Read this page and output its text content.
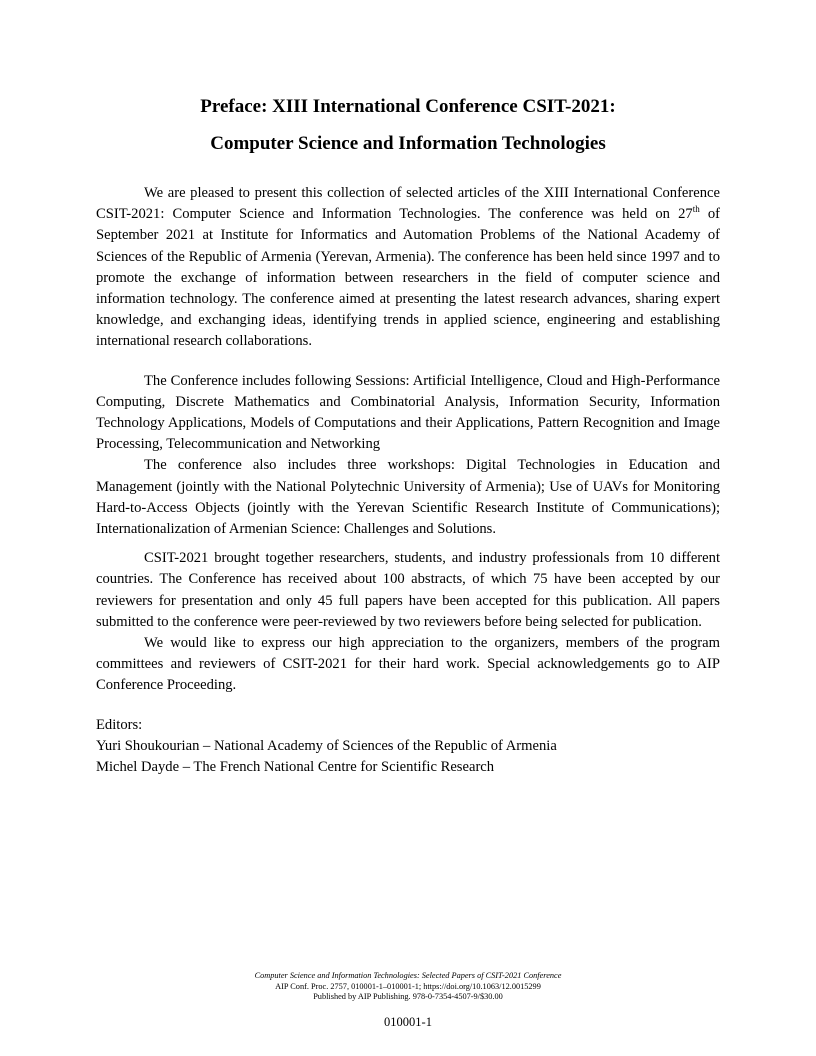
Preface: XIII International Conference CSIT-2021:
Computer Science and Information Technologies

We are pleased to present this collection of selected articles of the XIII International Conference CSIT-2021: Computer Science and Information Technologies. The conference was held on 27th of September 2021 at Institute for Informatics and Automation Problems of the National Academy of Sciences of the Republic of Armenia (Yerevan, Armenia). The conference has been held since 1997 and to promote the exchange of information between researchers in the field of computer science and information technology. The conference aimed at presenting the latest research advances, sharing expert knowledge, and exchanging ideas, identifying trends in applied science, engineering and establishing international research collaborations.

The Conference includes following Sessions: Artificial Intelligence, Cloud and High-Performance Computing, Discrete Mathematics and Combinatorial Analysis, Information Security, Information Technology Applications, Models of Computations and their Applications, Pattern Recognition and Image Processing, Telecommunication and Networking

The conference also includes three workshops: Digital Technologies in Education and Management (jointly with the National Polytechnic University of Armenia); Use of UAVs for Monitoring Hard-to-Access Objects (jointly with the Yerevan Scientific Research Institute of Communications); Internationalization of Armenian Science: Challenges and Solutions.

CSIT-2021 brought together researchers, students, and industry professionals from 10 different countries. The Conference has received about 100 abstracts, of which 75 have been accepted by our reviewers for presentation and only 45 full papers have been accepted for this publication. All papers submitted to the conference were peer-reviewed by two reviewers before being selected for publication.

We would like to express our high appreciation to the organizers, members of the program committees and reviewers of CSIT-2021 for their hard work. Special acknowledgements go to AIP Conference Proceeding.

Editors:

Yuri Shoukourian – National Academy of Sciences of the Republic of Armenia

Michel Dayde – The French National Centre for Scientific Research

Computer Science and Information Technologies: Selected Papers of CSIT-2021 Conference
AIP Conf. Proc. 2757, 010001-1–010001-1; https://doi.org/10.1063/12.0015299
Published by AIP Publishing. 978-0-7354-4507-9/$30.00
010001-1
